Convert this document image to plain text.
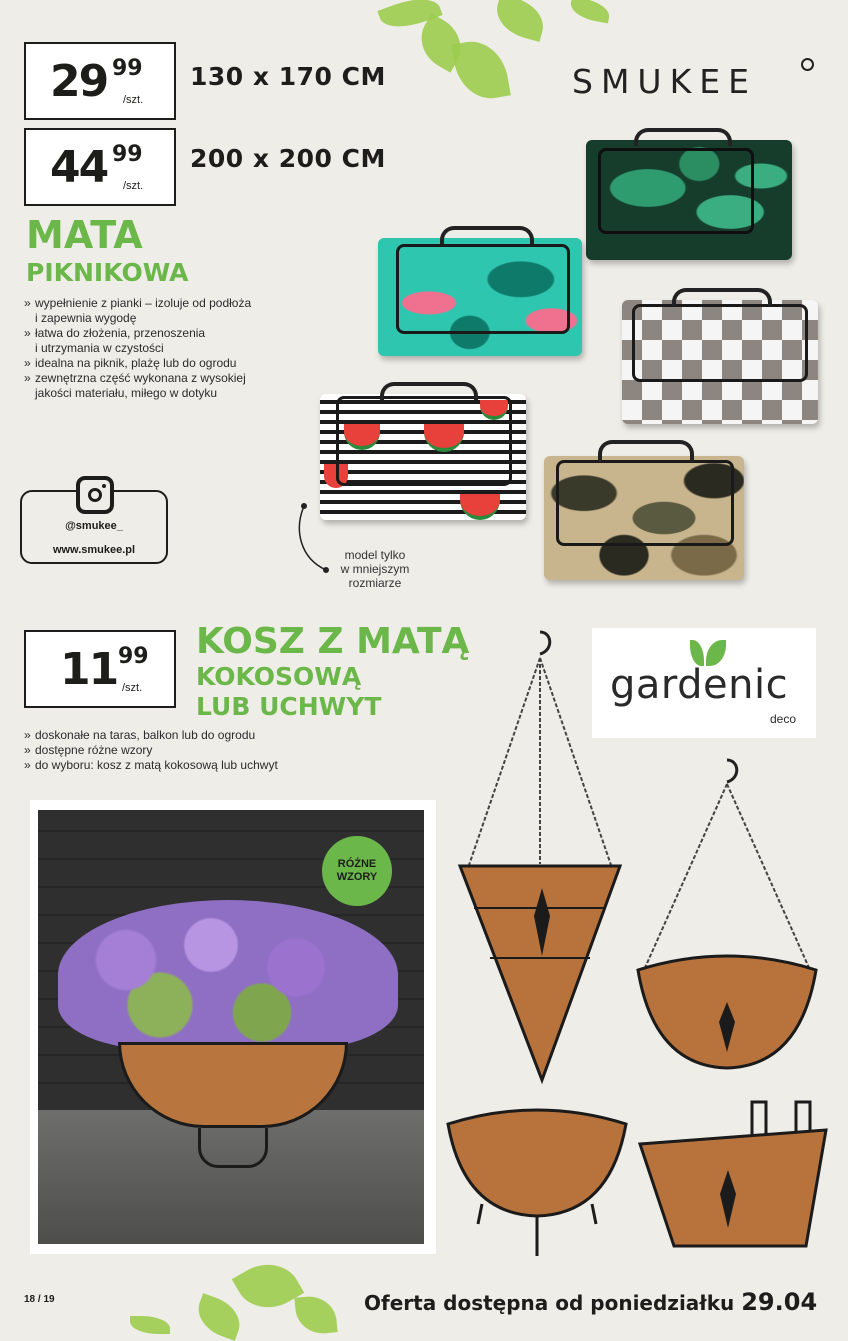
29 99
/szt.
130 x 170 CM
44 99
/szt.
200 x 200 CM
SMUKEE
MATA
PIKNIKOWA
» wypełnienie z pianki – izoluje od podłoża
i zapewnia wygodę
» łatwa do złożenia, przenoszenia
i utrzymania w czystości
» idealna na piknik, plażę lub do ogrodu
» zewnętrzna część wykonana z wysokiej
jakości materiału, miłego w dotyku
@smukee_
www.smukee.pl	model tylko
w mniejszym
rozmiarze
11 99
/szt.
KOSZ Z MATĄ
KOKOSOWĄ
LUB UCHWYT	gardenic
deco
» doskonałe na taras, balkon lub do ogrodu
» dostępne różne wzory
» do wyboru: kosz z matą kokosową lub uchwyt
RÓŻNE
WZORY
18 / 19	Oferta dostępna od poniedziałku 29.04
